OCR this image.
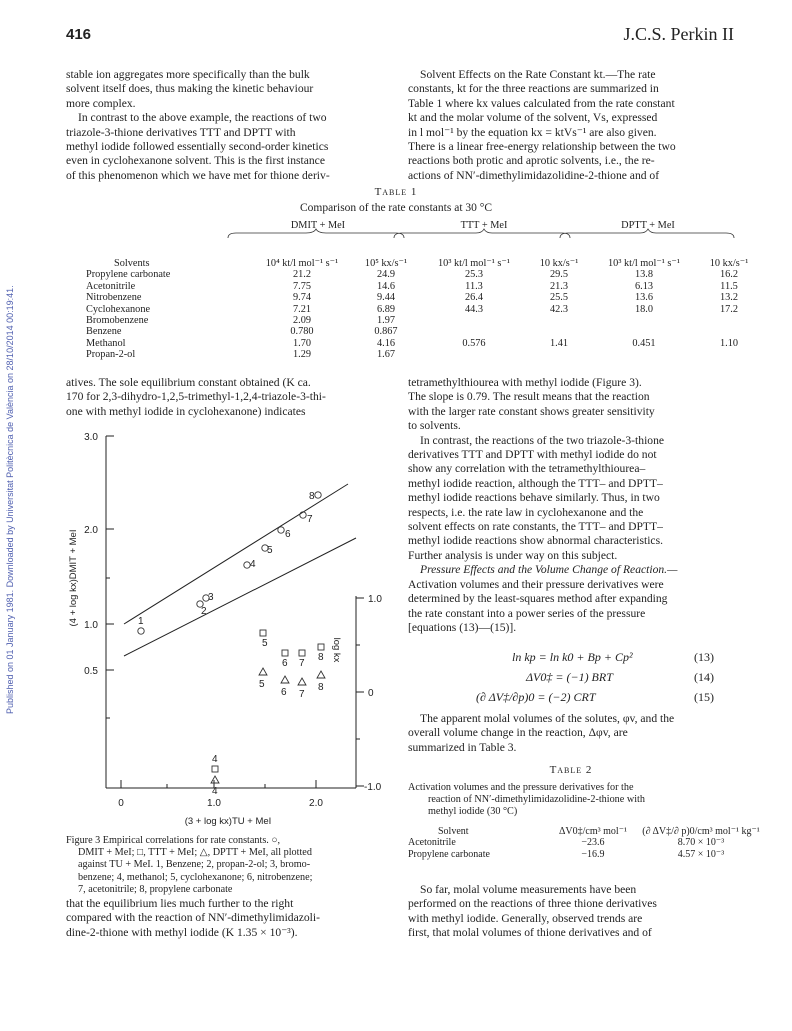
Published on 01 January 1981. Downloaded by Universitat Politècnica de València on 28/10/2014 00:19:41.
416	J.C.S. Perkin II
stable ion aggregates more specifically than the bulk
solvent itself does, thus making the kinetic behaviour
more complex.
In contrast to the above example, the reactions of two
triazole-3-thione derivatives TTT and DPTT with
methyl iodide followed essentially second-order kinetics
even in cyclohexanone solvent. This is the first instance
of this phenomenon which we have met for thione deriv-
Solvent Effects on the Rate Constant kt.—The rate
constants, kt for the three reactions are summarized in
Table 1 where kx values calculated from the rate constant
kt and the molar volume of the solvent, Vs, expressed
in l mol⁻¹ by the equation kx = ktVs⁻¹ are also given.
There is a linear free-energy relationship between the two
reactions both protic and aprotic solvents, i.e., the re-
actions of NN′-dimethylimidazolidine-2-thione and of
Table 1
Comparison of the rate constants at 30 °C
DMIT + MeI	TTT + MeI	DPTT + MeI
Solvents	10⁴ kt/l mol⁻¹ s⁻¹	10⁵ kx/s⁻¹	10³ kt/l mol⁻¹ s⁻¹	10 kx/s⁻¹	10³ kt/l mol⁻¹ s⁻¹	10 kx/s⁻¹
Propylene carbonate	21.2	24.9	25.3	29.5	13.8	16.2
Acetonitrile	7.75	14.6	11.3	21.3	6.13	11.5
Nitrobenzene	9.74	9.44	26.4	25.5	13.6	13.2
Cyclohexanone	7.21	6.89	44.3	42.3	18.0	17.2
Bromobenzene	2.09	1.97				
Benzene	0.780	0.867				
Methanol	1.70	4.16	0.576	1.41	0.451	1.10
Propan-2-ol	1.29	1.67				
atives. The sole equilibrium constant obtained (K ca.
170 for 2,3-dihydro-1,2,5-trimethyl-1,2,4-triazole-3-thi-
one with methyl iodide in cyclohexanone) indicates
3.0
2.0
1.0
0.5
1.0
0
-1.0
0	1.0	2.0
(3 + log kx)TU + MeI
(4 + log kx)DMIT + MeI
log kx
1
2
3
4
5
6
7
8
5
6 7
8
4
5
6 7
8
4
Figure 3 Empirical correlations for rate constants. ○,
DMIT + MeI; □, TTT + MeI; △, DPTT + MeI, all plotted
against TU + MeI. 1, Benzene; 2, propan-2-ol; 3, bromo-
benzene; 4, methanol; 5, cyclohexanone; 6, nitrobenzene;
7, acetonitrile; 8, propylene carbonate
that the equilibrium lies much further to the right
compared with the reaction of NN′-dimethylimidazoli-
dine-2-thione with methyl iodide (K 1.35 × 10⁻³).
tetramethylthiourea with methyl iodide (Figure 3).
The slope is 0.79. The result means that the reaction
with the larger rate constant shows greater sensitivity
to solvents.
In contrast, the reactions of the two triazole-3-thione
derivatives TTT and DPTT with methyl iodide do not
show any correlation with the tetramethylthiourea–
methyl iodide reaction, although the TTT– and DPTT–
methyl iodide reactions behave similarly. Thus, in two
respects, i.e. the rate law in cyclohexanone and the
solvent effects on rate constants, the TTT– and DPTT–
methyl iodide reactions show abnormal characteristics.
Further analysis is under way on this subject.
Pressure Effects and the Volume Change of Reaction.—
Activation volumes and their pressure derivatives were
determined by the least-squares method after expanding
the rate constant into a power series of the pressure
[equations (13)—(15)].
ln kp = ln k0 + Bp + Cp²	(13)
ΔV0‡ = (−1) BRT	(14)
(∂ ΔV‡/∂p)0 = (−2) CRT	(15)
The apparent molal volumes of the solutes, φv, and the
overall volume change in the reaction, Δφv, are
summarized in Table 3.
Table 2
Activation volumes and the pressure derivatives for the
reaction of NN′-dimethylimidazolidine-2-thione with
methyl iodide (30 °C)
Solvent	ΔV0‡/cm³ mol⁻¹	(∂ ΔV‡/∂ p)0/cm³ mol⁻¹ kg⁻¹
Acetonitrile	−23.6	8.70 × 10⁻³
Propylene carbonate	−16.9	4.57 × 10⁻³
So far, molal volume measurements have been
performed on the reactions of three thione derivatives
with methyl iodide. Generally, observed trends are
first, that molal volumes of thione derivatives and of
